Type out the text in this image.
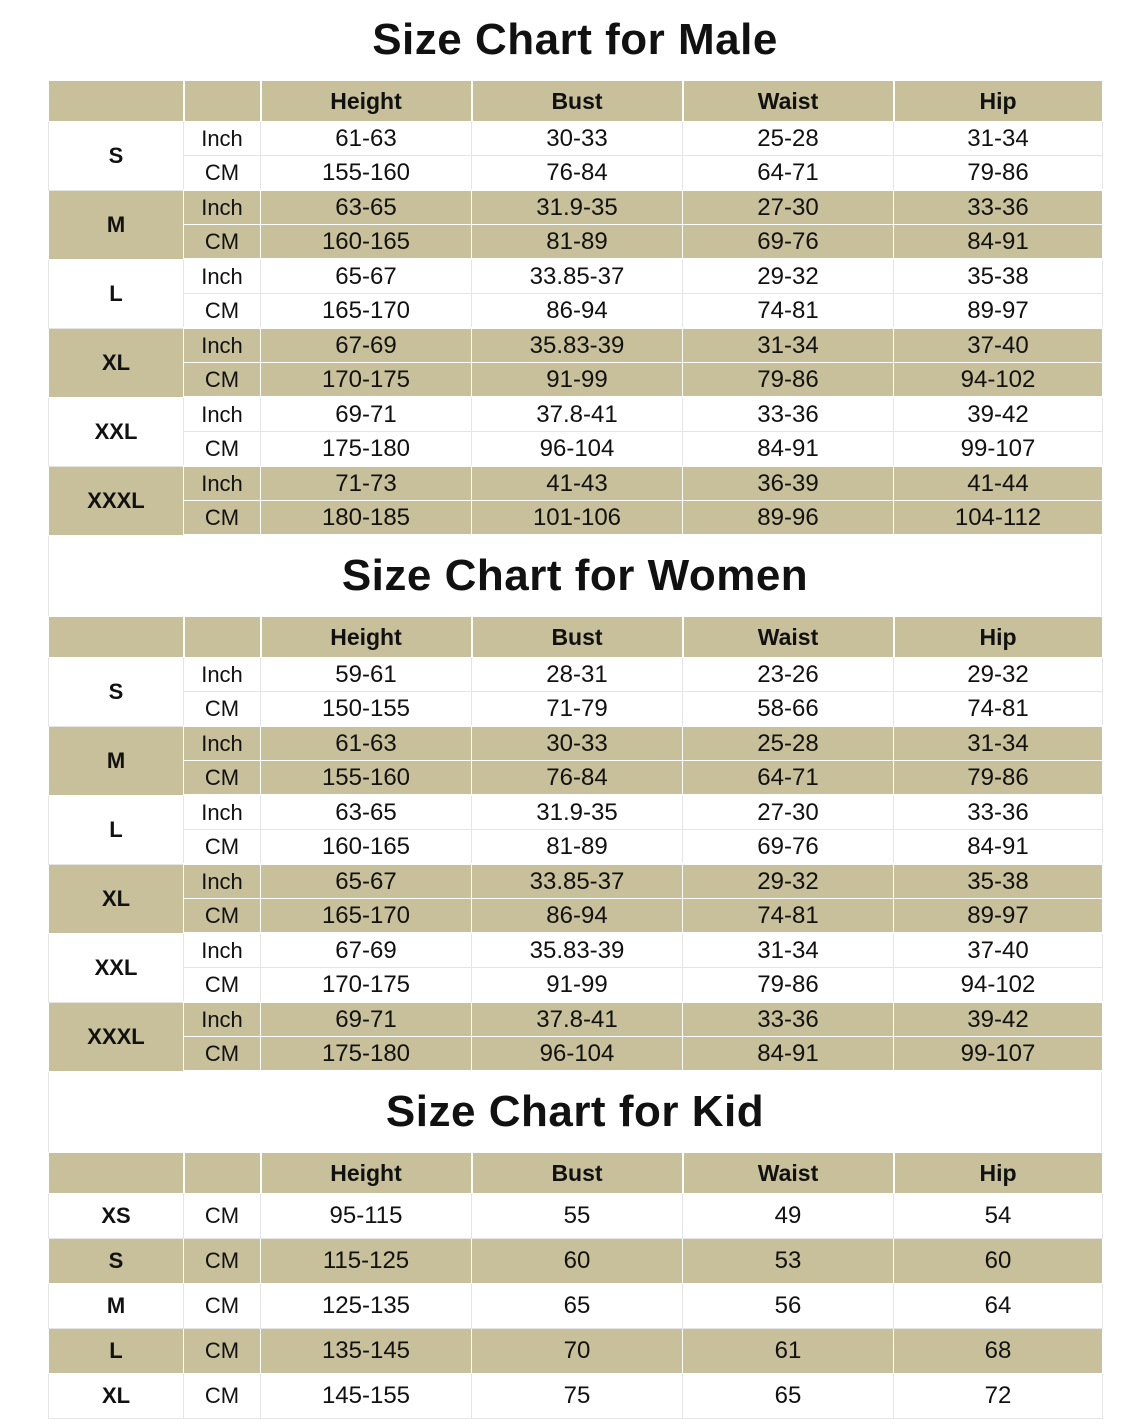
Size Chart for Male
		Height	Bust	Waist	Hip
S	Inch	61-63	30-33	25-28	31-34
	CM	155-160	76-84	64-71	79-86
M	Inch	63-65	31.9-35	27-30	33-36
	CM	160-165	81-89	69-76	84-91
L	Inch	65-67	33.85-37	29-32	35-38
	CM	165-170	86-94	74-81	89-97
XL	Inch	67-69	35.83-39	31-34	37-40
	CM	170-175	91-99	79-86	94-102
XXL	Inch	69-71	37.8-41	33-36	39-42
	CM	175-180	96-104	84-91	99-107
XXXL	Inch	71-73	41-43	36-39	41-44
	CM	180-185	101-106	89-96	104-112
Size Chart for Women
		Height	Bust	Waist	Hip
S	Inch	59-61	28-31	23-26	29-32
	CM	150-155	71-79	58-66	74-81
M	Inch	61-63	30-33	25-28	31-34
	CM	155-160	76-84	64-71	79-86
L	Inch	63-65	31.9-35	27-30	33-36
	CM	160-165	81-89	69-76	84-91
XL	Inch	65-67	33.85-37	29-32	35-38
	CM	165-170	86-94	74-81	89-97
XXL	Inch	67-69	35.83-39	31-34	37-40
	CM	170-175	91-99	79-86	94-102
XXXL	Inch	69-71	37.8-41	33-36	39-42
	CM	175-180	96-104	84-91	99-107
Size Chart for Kid
		Height	Bust	Waist	Hip
XS	CM	95-115	55	49	54
S	CM	115-125	60	53	60
M	CM	125-135	65	56	64
L	CM	135-145	70	61	68
XL	CM	145-155	75	65	72
